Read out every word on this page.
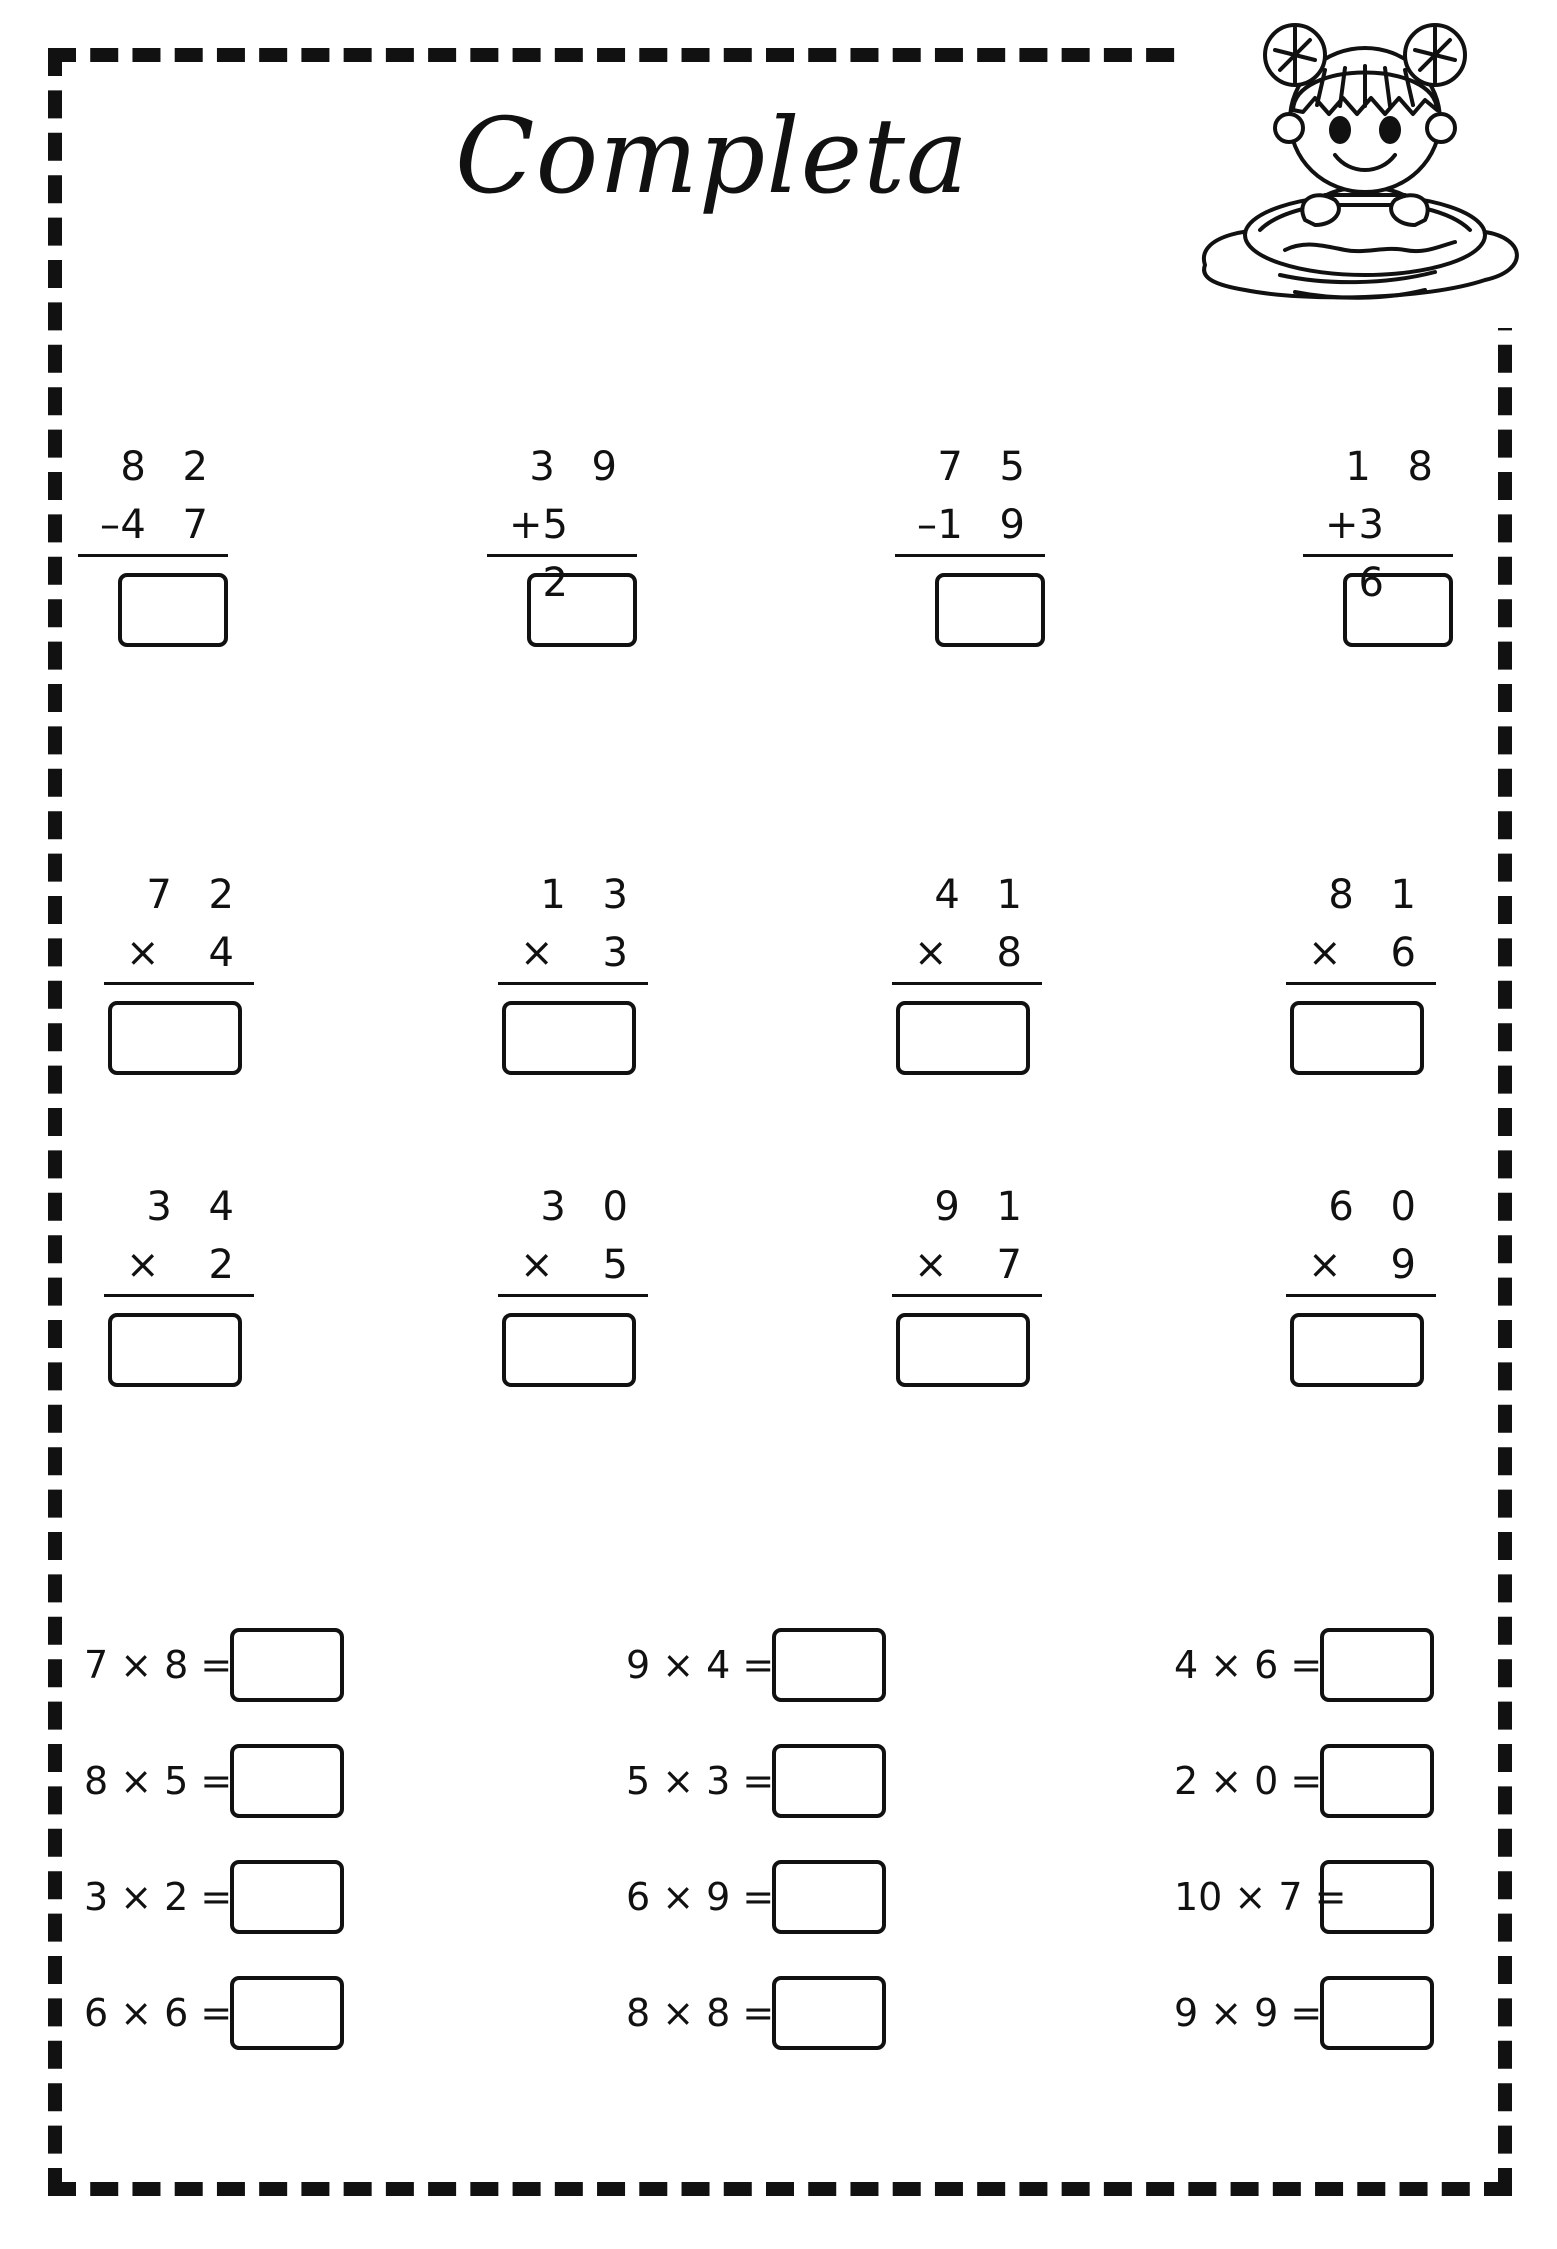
Completa
8 2
– 4 7
3 9
+ 5 2
7 5
– 1 9
1 8
+ 3 6
7 2
× 4
1 3
× 3
4 1
× 8
8 1
× 6
3 4
× 2
3 0
× 5
9 1
× 7
6 0
× 9
7 × 8 =	9 × 4 =	4 × 6 =
8 × 5 =	5 × 3 =	2 × 0 =
3 × 2 =	6 × 9 =	10 × 7 =
6 × 6 =	8 × 8 =	9 × 9 =
